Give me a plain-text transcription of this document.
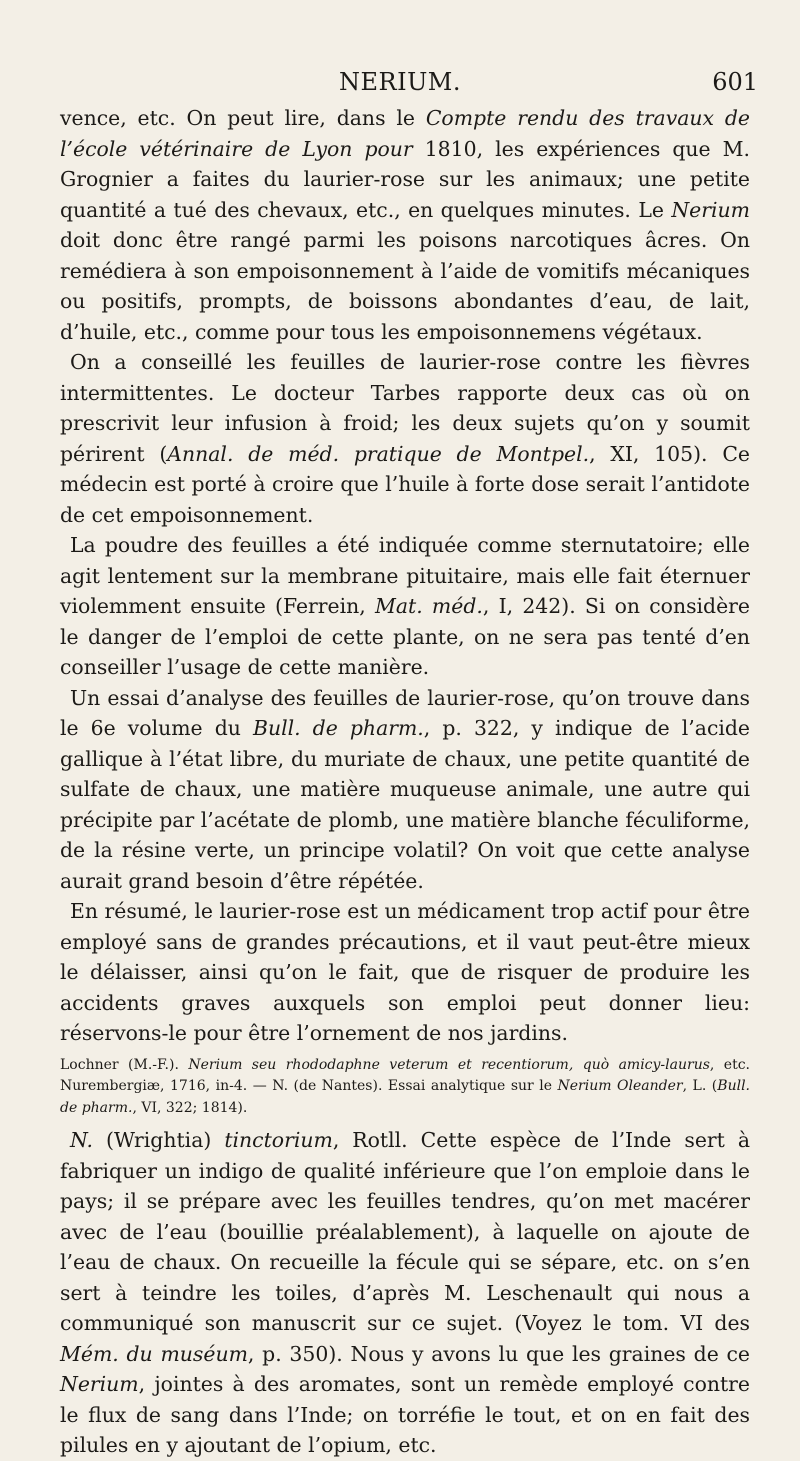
NERIUM.	601

vence, etc. On peut lire, dans le Compte rendu des travaux de l’école vétérinaire de Lyon pour 1810, les expériences que M. Grognier a faites du laurier-rose sur les animaux; une petite quantité a tué des chevaux, etc., en quelques minutes. Le Nerium doit donc être rangé parmi les poisons narcotiques âcres. On remédiera à son empoisonnement à l’aide de vomitifs mécaniques ou positifs, prompts, de boissons abondantes d’eau, de lait, d’huile, etc., comme pour tous les empoisonnemens végétaux.

On a conseillé les feuilles de laurier-rose contre les fièvres intermittentes. Le docteur Tarbes rapporte deux cas où on prescrivit leur infusion à froid; les deux sujets qu’on y soumit périrent (Annal. de méd. pratique de Montpel., XI, 105). Ce médecin est porté à croire que l’huile à forte dose serait l’antidote de cet empoisonnement.

La poudre des feuilles a été indiquée comme sternutatoire; elle agit lentement sur la membrane pituitaire, mais elle fait éternuer violemment ensuite (Ferrein, Mat. méd., I, 242). Si on considère le danger de l’emploi de cette plante, on ne sera pas tenté d’en conseiller l’usage de cette manière.

Un essai d’analyse des feuilles de laurier-rose, qu’on trouve dans le 6e volume du Bull. de pharm., p. 322, y indique de l’acide gallique à l’état libre, du muriate de chaux, une petite quantité de sulfate de chaux, une matière muqueuse animale, une autre qui précipite par l’acétate de plomb, une matière blanche féculiforme, de la résine verte, un principe volatil? On voit que cette analyse aurait grand besoin d’être répétée.

En résumé, le laurier-rose est un médicament trop actif pour être employé sans de grandes précautions, et il vaut peut-être mieux le délaisser, ainsi qu’on le fait, que de risquer de produire les accidents graves auxquels son emploi peut donner lieu: réservons-le pour être l’ornement de nos jardins.

Lochner (M.-F.). Nerium seu rhododaphne veterum et recentiorum, quò amicy-laurus, etc. Nurembergiæ, 1716, in-4. — N. (de Nantes). Essai analytique sur le Nerium Oleander, L. (Bull. de pharm., VI, 322; 1814).

N. (Wrightia) tinctorium, Rotll. Cette espèce de l’Inde sert à fabriquer un indigo de qualité inférieure que l’on emploie dans le pays; il se prépare avec les feuilles tendres, qu’on met macérer avec de l’eau (bouillie préalablement), à laquelle on ajoute de l’eau de chaux. On recueille la fécule qui se sépare, etc. on s’en sert à teindre les toiles, d’après M. Leschenault qui nous a communiqué son manuscrit sur ce sujet. (Voyez le tom. VI des Mém. du muséum, p. 350). Nous y avons lu que les graines de ce Nerium, jointes à des aromates, sont un remède employé contre le flux de sang dans l’Inde; on torréfie le tout, et on en fait des pilules en y ajoutant de l’opium, etc.
